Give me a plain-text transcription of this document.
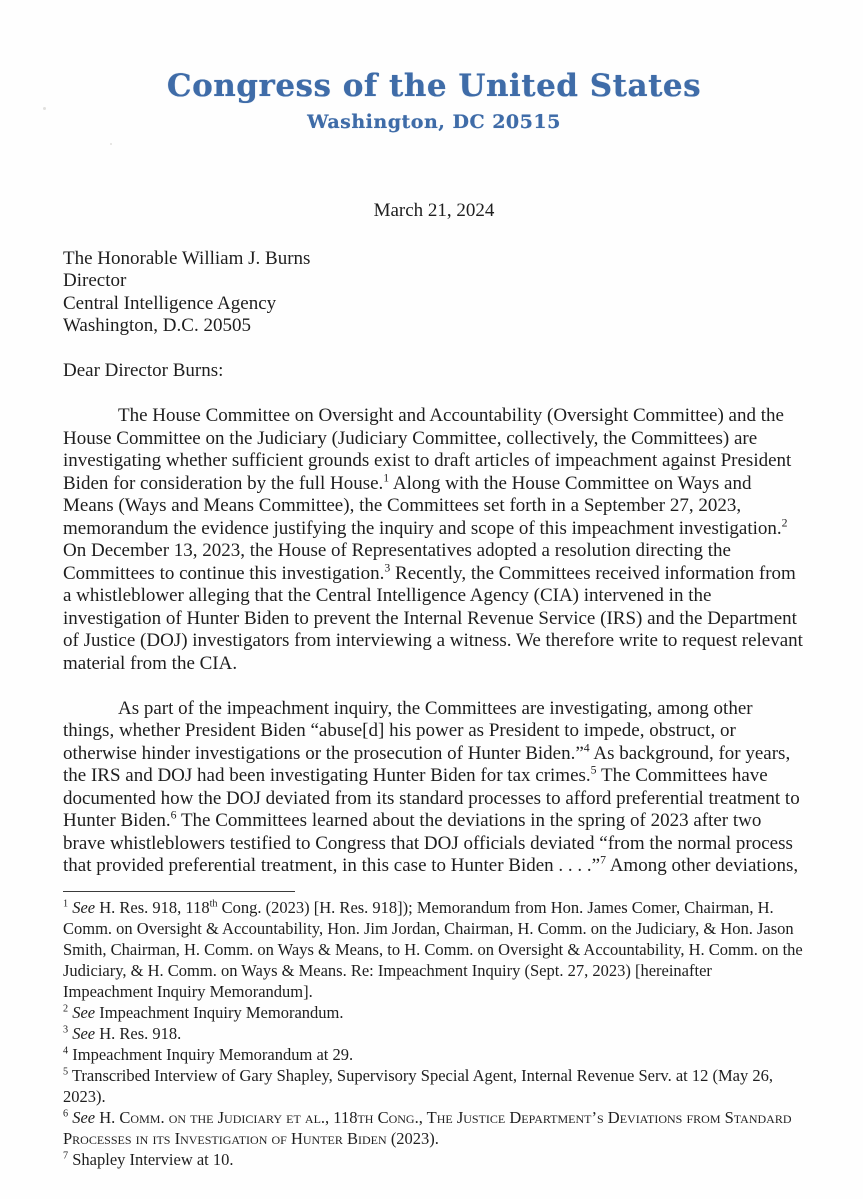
Congress of the United States
Washington, DC 20515
March 21, 2024
The Honorable William J. Burns
Director
Central Intelligence Agency
Washington, D.C. 20505
Dear Director Burns:

The House Committee on Oversight and Accountability (Oversight Committee) and the House Committee on the Judiciary (Judiciary Committee, collectively, the Committees) are investigating whether sufficient grounds exist to draft articles of impeachment against President Biden for consideration by the full House.$^1$ Along with the House Committee on Ways and Means (Ways and Means Committee), the Committees set forth in a September 27, 2023, memorandum the evidence justifying the inquiry and scope of this impeachment investigation.$^2$ On December 13, 2023, the House of Representatives adopted a resolution directing the Committees to continue this investigation.$^3$ Recently, the Committees received information from a whistleblower alleging that the Central Intelligence Agency (CIA) intervened in the investigation of Hunter Biden to prevent the Internal Revenue Service (IRS) and the Department of Justice (DOJ) investigators from interviewing a witness. We therefore write to request relevant material from the CIA.

As part of the impeachment inquiry, the Committees are investigating, among other things, whether President Biden “abuse[d] his power as President to impede, obstruct, or otherwise hinder investigations or the prosecution of Hunter Biden.”$^4$ As background, for years, the IRS and DOJ had been investigating Hunter Biden for tax crimes.$^5$ The Committees have documented how the DOJ deviated from its standard processes to afford preferential treatment to Hunter Biden.$^6$ The Committees learned about the deviations in the spring of 2023 after two brave whistleblowers testified to Congress that DOJ officials deviated “from the normal process that provided preferential treatment, in this case to Hunter Biden . . . .”$^7$ Among other deviations,

$^1$ See H. Res. 918, 118th Cong. (2023) [H. Res. 918]); Memorandum from Hon. James Comer, Chairman, H. Comm. on Oversight & Accountability, Hon. Jim Jordan, Chairman, H. Comm. on the Judiciary, & Hon. Jason Smith, Chairman, H. Comm. on Ways & Means, to H. Comm. on Oversight & Accountability, H. Comm. on the Judiciary, & H. Comm. on Ways & Means. Re: Impeachment Inquiry (Sept. 27, 2023) [hereinafter Impeachment Inquiry Memorandum].
$^2$ See Impeachment Inquiry Memorandum.
$^3$ See H. Res. 918.
$^4$ Impeachment Inquiry Memorandum at 29.
$^5$ Transcribed Interview of Gary Shapley, Supervisory Special Agent, Internal Revenue Serv. at 12 (May 26, 2023).
$^6$ See H. Comm. on the Judiciary et al., 118th Cong., The Justice Department’s Deviations from Standard Processes in its Investigation of Hunter Biden (2023).
$^7$ Shapley Interview at 10.
